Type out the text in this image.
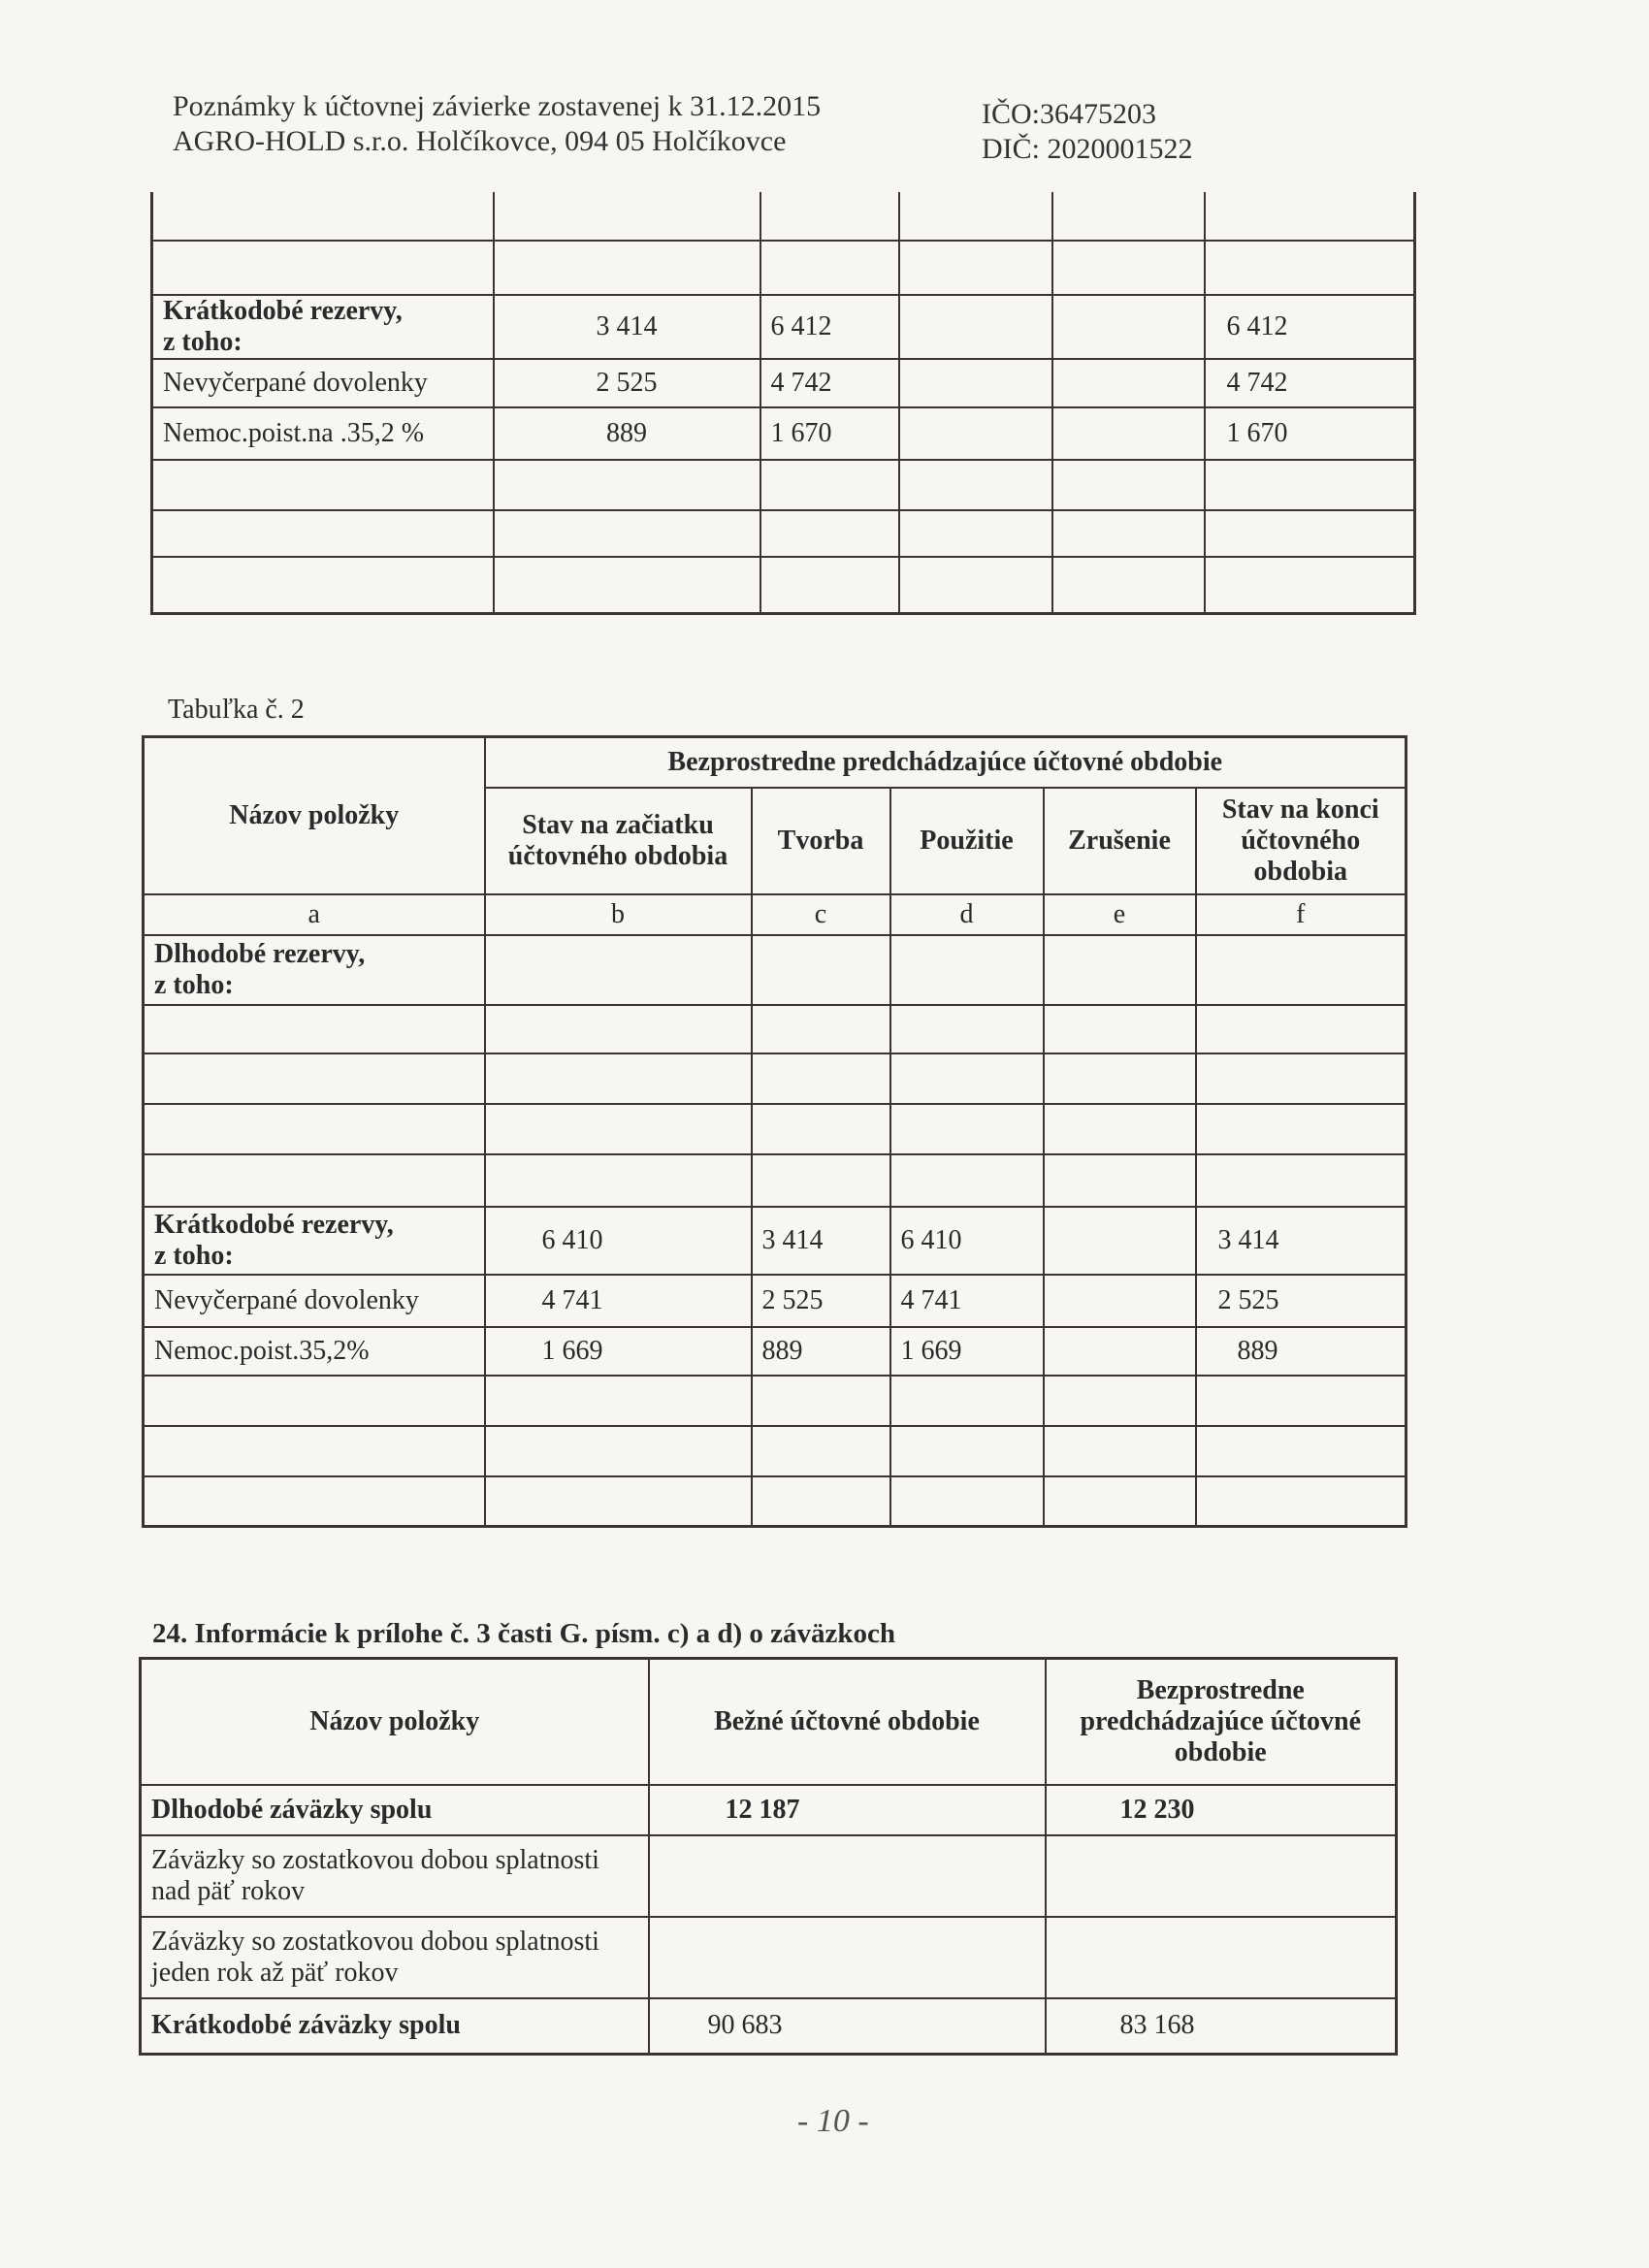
Poznámky k účtovnej závierke zostavenej k 31.12.2015
AGRO-HOLD s.r.o. Holčíkovce, 094 05 Holčíkovce
IČO:36475203
DIČ: 2020001522

Krátkodobé rezervy,
z toho:	3 414	6 412			6 412
Nevyčerpané dovolenky	2 525	4 742			4 742
Nemoc.poist.na .35,2 %	889	1 670			1 670

Tabuľka č. 2
Názov položky	Bezprostredne predchádzajúce účtovné obdobie				
	Stav na začiatku účtovného obdobia	Tvorba	Použitie	Zrušenie	Stav na konci účtovného obdobia
a	b	c	d	e	f

Dlhodobé rezervy,
z toho:					

Krátkodobé rezervy,
z toho:	6 410	3 414	6 410		3 414
Nevyčerpané dovolenky	4 741	2 525	4 741		2 525
Nemoc.poist.35,2%	1 669	889	1 669		889

24. Informácie k prílohe č. 3 časti G. písm. c) a d) o záväzkoch
Názov položky	Bežné účtovné obdobie	Bezprostredne predchádzajúce účtovné obdobie
Dlhodobé záväzky spolu	12 187	12 230
Záväzky so zostatkovou dobou splatnosti nad päť rokov		
Záväzky so zostatkovou dobou splatnosti jeden rok až päť rokov		
Krátkodobé záväzky spolu	90 683	83 168
- 10 -
